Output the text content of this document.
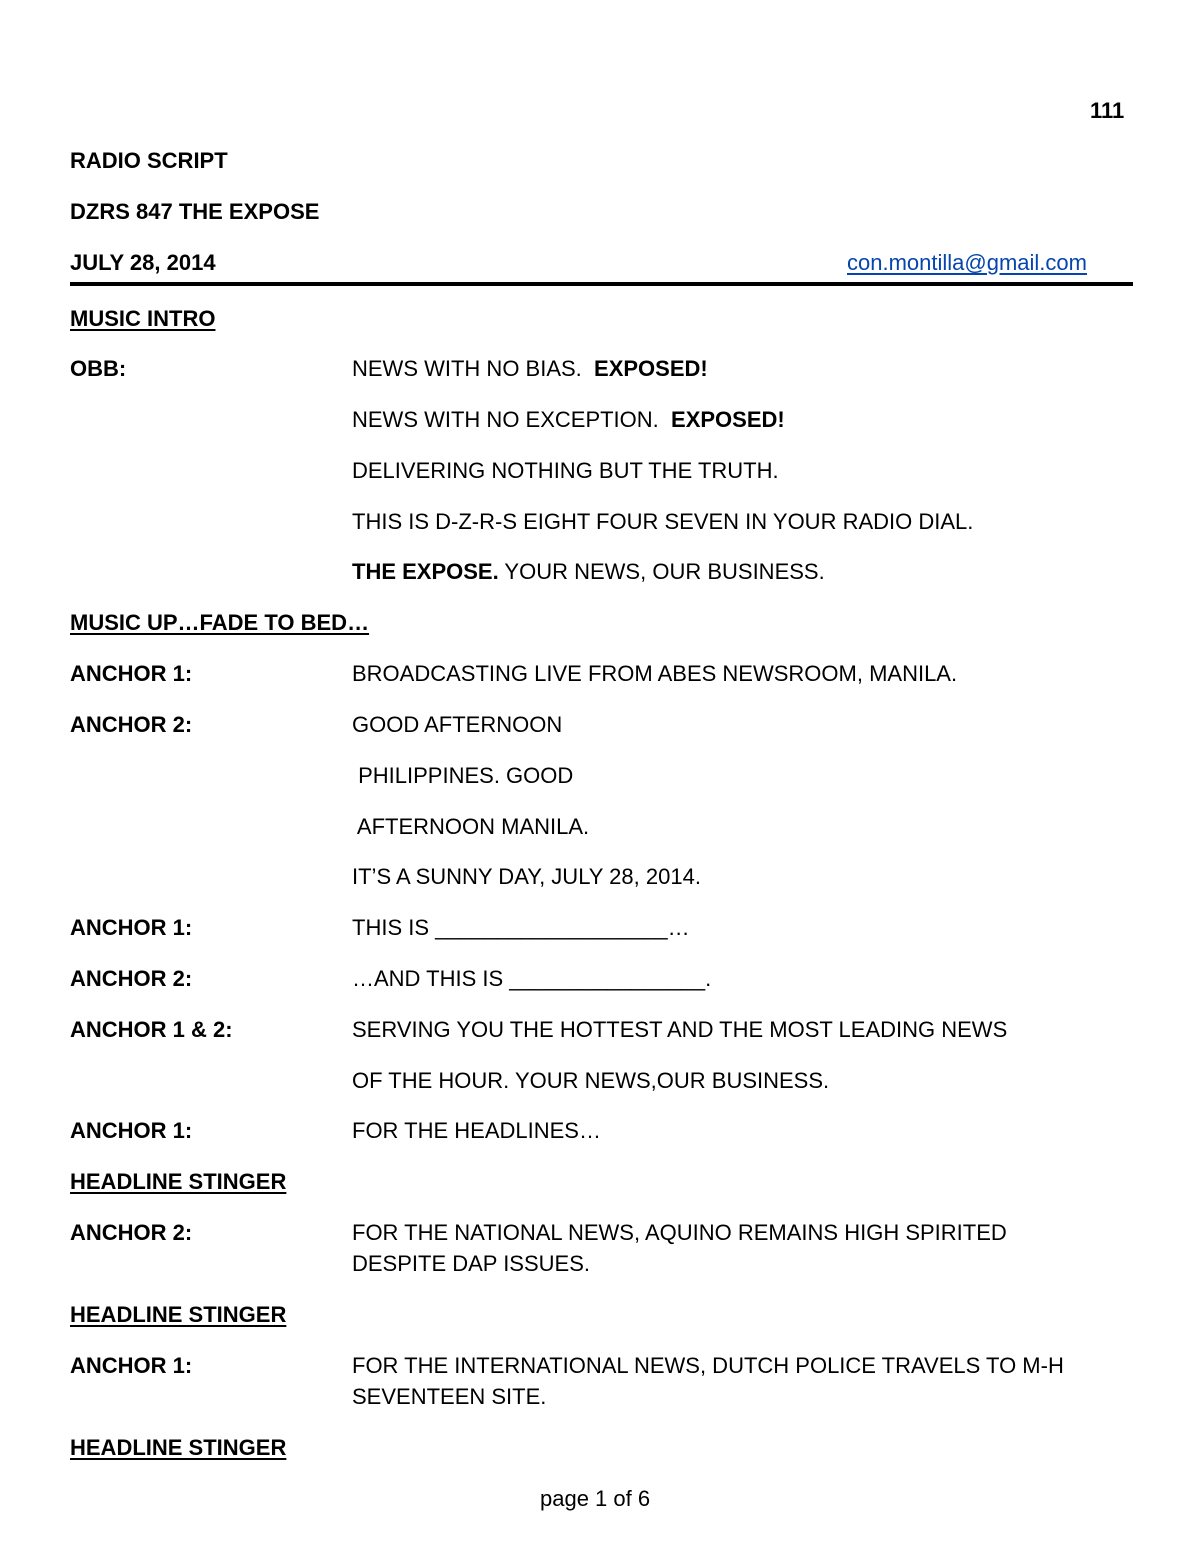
111
RADIO SCRIPT
DZRS 847 THE EXPOSE
JULY 28, 2014	con.montilla@gmail.com
MUSIC INTRO
OBB:	NEWS WITH NO BIAS.  EXPOSED!
NEWS WITH NO EXCEPTION.  EXPOSED!
DELIVERING NOTHING BUT THE TRUTH.
THIS IS D-Z-R-S EIGHT FOUR SEVEN IN YOUR RADIO DIAL.
THE EXPOSE. YOUR NEWS, OUR BUSINESS.
MUSIC UP…FADE TO BED…
ANCHOR 1:	BROADCASTING LIVE FROM ABES NEWSROOM, MANILA.
ANCHOR 2:	GOOD AFTERNOON
PHILIPPINES. GOOD
AFTERNOON MANILA.
IT’S A SUNNY DAY, JULY 28, 2014.
ANCHOR 1:	THIS IS ___________________…
ANCHOR 2:	…AND THIS IS ________________.
ANCHOR 1 & 2:	SERVING YOU THE HOTTEST AND THE MOST LEADING NEWS
OF THE HOUR. YOUR NEWS,OUR BUSINESS.
ANCHOR 1:	FOR THE HEADLINES…
HEADLINE STINGER
ANCHOR 2:	FOR THE NATIONAL NEWS, AQUINO REMAINS HIGH SPIRITED
DESPITE DAP ISSUES.
HEADLINE STINGER
ANCHOR 1:	FOR THE INTERNATIONAL NEWS, DUTCH POLICE TRAVELS TO M-H
SEVENTEEN SITE.
HEADLINE STINGER
page 1 of 6
